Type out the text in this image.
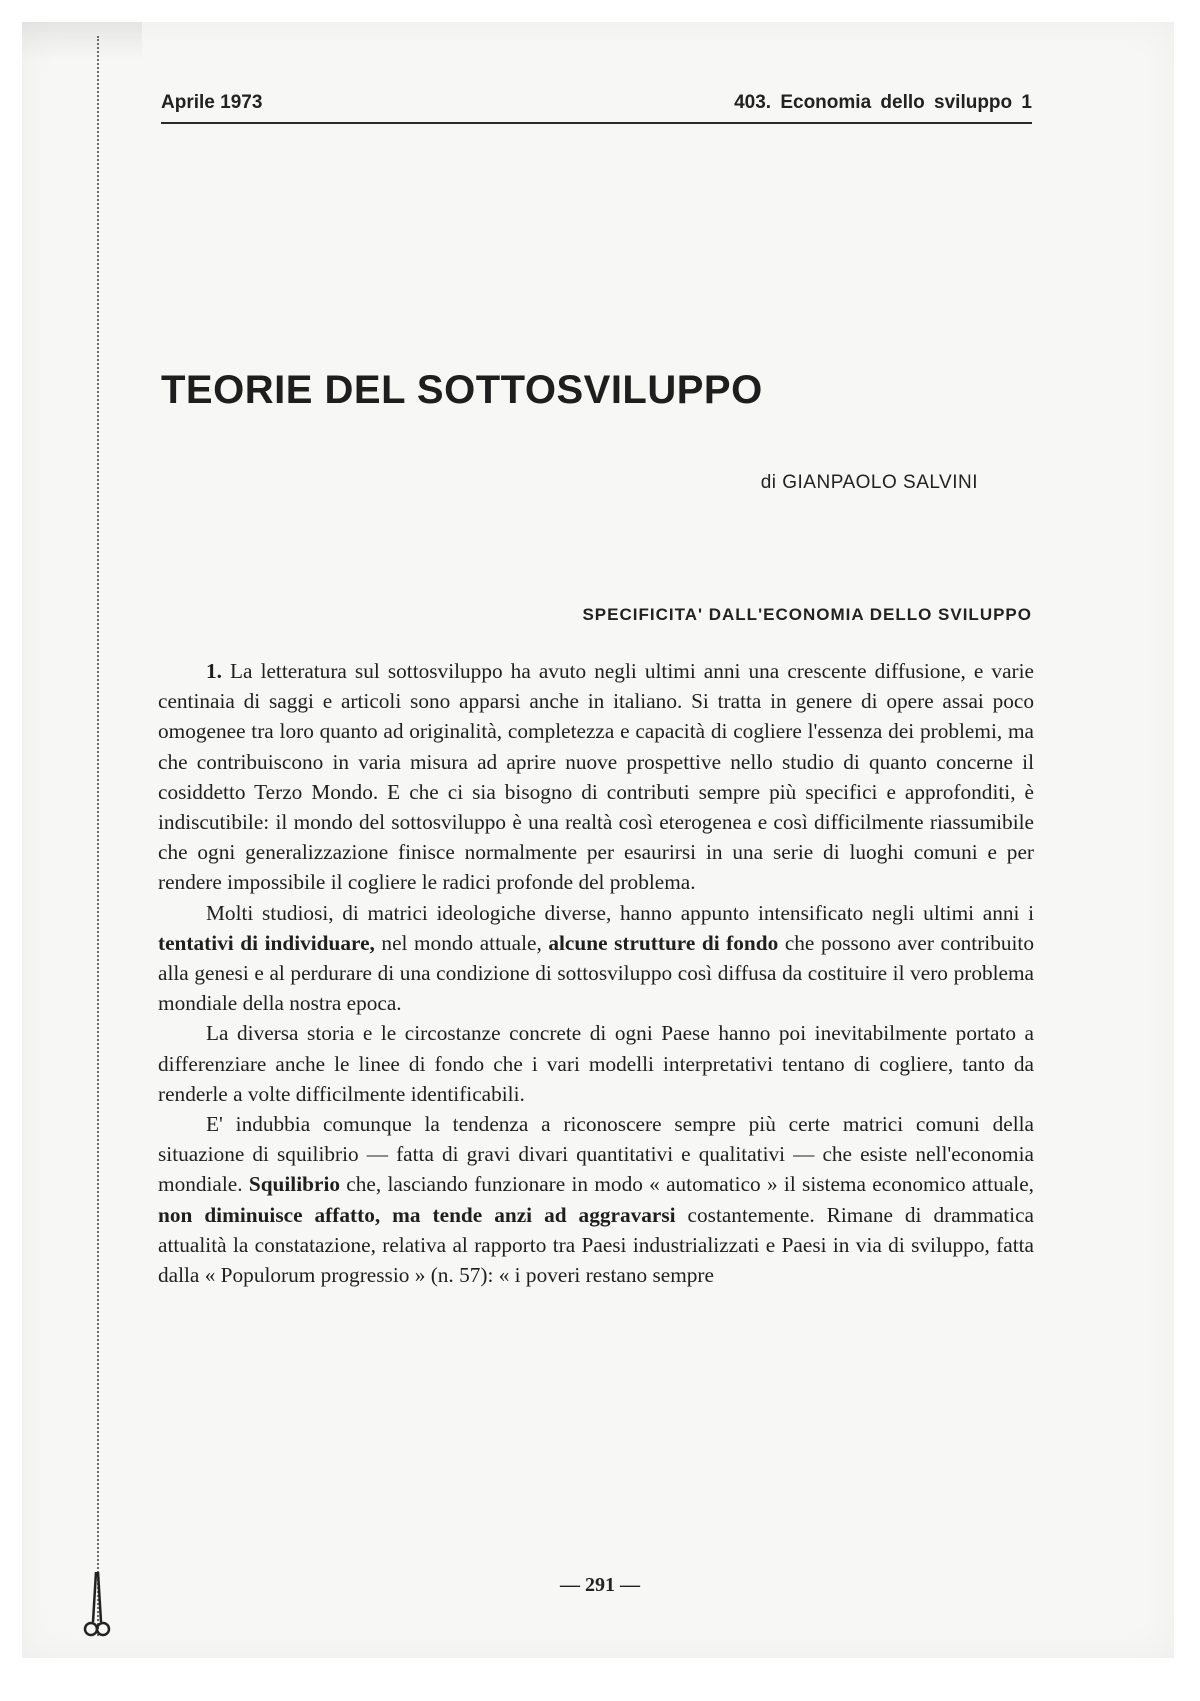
Aprile 1973	403. Economia dello sviluppo 1
TEORIE DEL SOTTOSVILUPPO
di GIANPAOLO SALVINI
SPECIFICITA' DALL'ECONOMIA DELLO SVILUPPO

1. La letteratura sul sottosviluppo ha avuto negli ultimi anni una crescente diffusione, e varie centinaia di saggi e articoli sono apparsi anche in italiano. Si tratta in genere di opere assai poco omogenee tra loro quanto ad originalità, completezza e capacità di cogliere l'essenza dei problemi, ma che contribuiscono in varia misura ad aprire nuove prospettive nello studio di quanto concerne il cosiddetto Terzo Mondo. E che ci sia bisogno di contributi sempre più specifici e approfonditi, è indiscutibile: il mondo del sottosviluppo è una realtà così eterogenea e così difficilmente riassumibile che ogni generalizzazione finisce normalmente per esaurirsi in una serie di luoghi comuni e per rendere impossibile il cogliere le radici profonde del problema.

Molti studiosi, di matrici ideologiche diverse, hanno appunto intensificato negli ultimi anni i tentativi di individuare, nel mondo attuale, alcune strutture di fondo che possono aver contribuito alla genesi e al perdurare di una condizione di sottosviluppo così diffusa da costituire il vero problema mondiale della nostra epoca.

La diversa storia e le circostanze concrete di ogni Paese hanno poi inevitabilmente portato a differenziare anche le linee di fondo che i vari modelli interpretativi tentano di cogliere, tanto da renderle a volte difficilmente identificabili.

E' indubbia comunque la tendenza a riconoscere sempre più certe matrici comuni della situazione di squilibrio — fatta di gravi divari quantitativi e qualitativi — che esiste nell'economia mondiale. Squilibrio che, lasciando funzionare in modo « automatico » il sistema economico attuale, non diminuisce affatto, ma tende anzi ad aggravarsi costantemente. Rimane di drammatica attualità la constatazione, relativa al rapporto tra Paesi industrializzati e Paesi in via di sviluppo, fatta dalla « Populorum progressio » (n. 57): « i poveri restano sempre

— 291 —
